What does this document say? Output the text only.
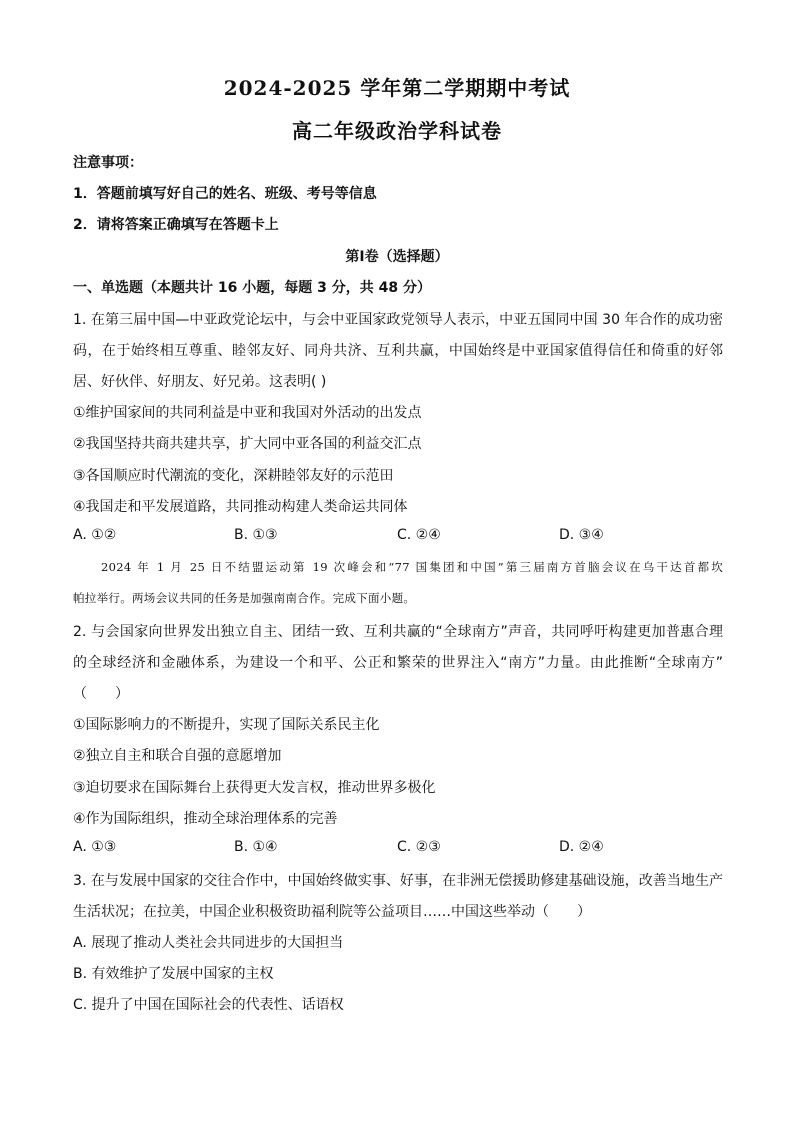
2024-2025 学年第二学期期中考试
高二年级政治学科试卷
注意事项：
1．答题前填写好自己的姓名、班级、考号等信息
2．请将答案正确填写在答题卡上
第Ⅰ卷（选择题）
一、单选题（本题共计 16 小题，每题 3 分，共 48 分）
1. 在第三届中国—中亚政党论坛中，与会中亚国家政党领导人表示，中亚五国同中国 30 年合作的成功密
码，在于始终相互尊重、睦邻友好、同舟共济、互利共赢，中国始终是中亚国家值得信任和倚重的好邻
居、好伙伴、好朋友、好兄弟。这表明( )
①维护国家间的共同利益是中亚和我国对外活动的出发点
②我国坚持共商共建共享，扩大同中亚各国的利益交汇点
③各国顺应时代潮流的变化，深耕睦邻友好的示范田
④我国走和平发展道路，共同推动构建人类命运共同体
A. ①②	B. ①③	C. ②④	D. ③④
2024 年 1 月 25 日不结盟运动第 19 次峰会和“77 国集团和中国”第三届南方首脑会议在乌干达首都坎
帕拉举行。两场会议共同的任务是加强南南合作。完成下面小题。
2. 与会国家向世界发出独立自主、团结一致、互利共赢的“全球南方”声音，共同呼吁构建更加普惠合理
的全球经济和金融体系，为建设一个和平、公正和繁荣的世界注入“南方”力量。由此推断“全球南方”
（　　）
①国际影响力的不断提升，实现了国际关系民主化
②独立自主和联合自强的意愿增加
③迫切要求在国际舞台上获得更大发言权，推动世界多极化
④作为国际组织，推动全球治理体系的完善
A. ①③	B. ①④	C. ②③	D. ②④
3. 在与发展中国家的交往合作中，中国始终做实事、好事，在非洲无偿援助修建基础设施，改善当地生产
生活状况；在拉美，中国企业积极资助福利院等公益项目……中国这些举动（　　）
A. 展现了推动人类社会共同进步的大国担当
B. 有效维护了发展中国家的主权
C. 提升了中国在国际社会的代表性、话语权
